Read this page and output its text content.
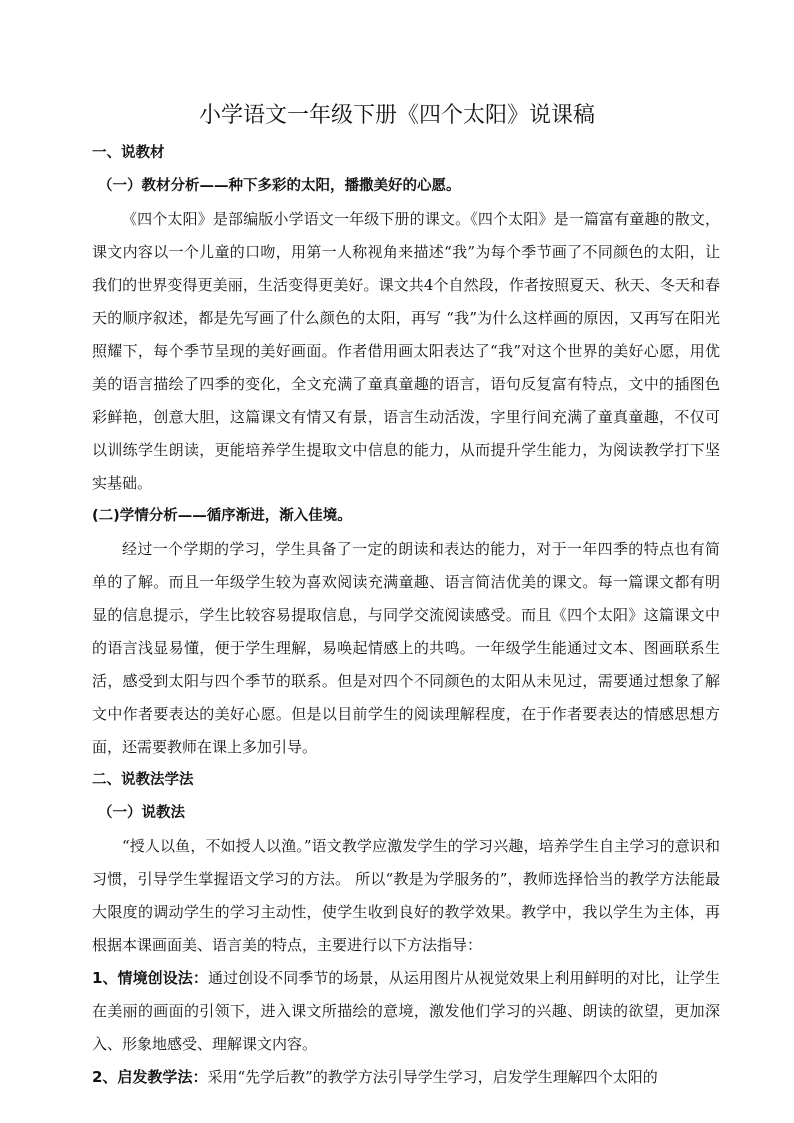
小学语文一年级下册《四个太阳》说课稿
一、说教材
（一）教材分析——种下多彩的太阳，播撒美好的心愿。

《四个太阳》是部编版小学语文一年级下册的课文。《四个太阳》是一篇富有童趣的散文，课文内容以一个儿童的口吻，用第一人称视角来描述“我”为每个季节画了不同颜色的太阳，让我们的世界变得更美丽，生活变得更美好。课文共4个自然段，作者按照夏天、秋天、冬天和春天的顺序叙述，都是先写画了什么颜色的太阳，再写 “我”为什么这样画的原因，又再写在阳光照耀下，每个季节呈现的美好画面。作者借用画太阳表达了“我”对这个世界的美好心愿，用优美的语言描绘了四季的变化，全文充满了童真童趣的语言，语句反复富有特点，文中的插图色彩鲜艳，创意大胆，这篇课文有情又有景，语言生动活泼，字里行间充满了童真童趣，不仅可以训练学生朗读，更能培养学生提取文中信息的能力，从而提升学生能力，为阅读教学打下坚实基础。

(二)学情分析——循序渐进，渐入佳境。

经过一个学期的学习，学生具备了一定的朗读和表达的能力，对于一年四季的特点也有简单的了解。而且一年级学生较为喜欢阅读充满童趣、语言简洁优美的课文。每一篇课文都有明显的信息提示，学生比较容易提取信息，与同学交流阅读感受。而且《四个太阳》这篇课文中的语言浅显易懂，便于学生理解，易唤起情感上的共鸣。一年级学生能通过文本、图画联系生活，感受到太阳与四个季节的联系。但是对四个不同颜色的太阳从未见过，需要通过想象了解文中作者要表达的美好心愿。但是以目前学生的阅读理解程度，在于作者要表达的情感思想方面，还需要教师在课上多加引导。

二、说教法学法
（一）说教法

“授人以鱼，不如授人以渔。”语文教学应激发学生的学习兴趣，培养学生自主学习的意识和习惯，引导学生掌握语文学习的方法。 所以“教是为学服务的”，教师选择恰当的教学方法能最大限度的调动学生的学习主动性，使学生收到良好的教学效果。教学中，我以学生为主体，再根据本课画面美、语言美的特点，主要进行以下方法指导：

1、情境创设法：通过创设不同季节的场景，从运用图片从视觉效果上利用鲜明的对比，让学生在美丽的画面的引领下，进入课文所描绘的意境，激发他们学习的兴趣、朗读的欲望，更加深入、形象地感受、理解课文内容。

2、启发教学法：采用“先学后教”的教学方法引导学生学习，启发学生理解四个太阳的
